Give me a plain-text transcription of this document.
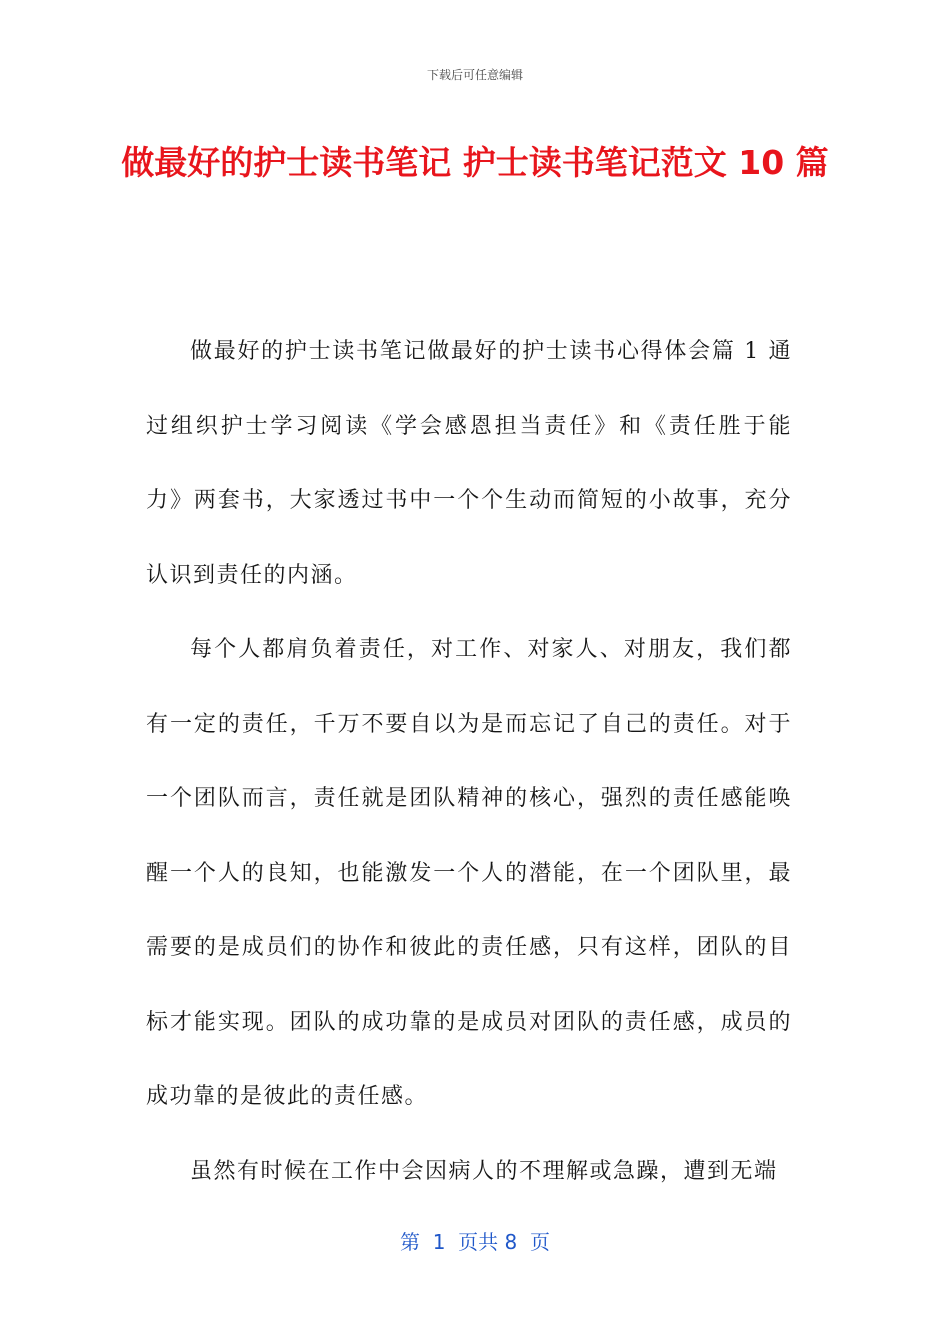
下载后可任意编辑
做最好的护士读书笔记 护士读书笔记范文 10 篇

做最好的护士读书笔记做最好的护士读书心得体会篇 1 通过组织护士学习阅读《学会感恩担当责任》和《责任胜于能力》两套书，大家透过书中一个个生动而简短的小故事，充分认识到责任的内涵。

每个人都肩负着责任，对工作、对家人、对朋友，我们都有一定的责任，千万不要自以为是而忘记了自己的责任。对于一个团队而言，责任就是团队精神的核心，强烈的责任感能唤醒一个人的良知，也能激发一个人的潜能，在一个团队里，最需要的是成员们的协作和彼此的责任感，只有这样，团队的目标才能实现。团队的成功靠的是成员对团队的责任感，成员的成功靠的是彼此的责任感。

虽然有时候在工作中会因病人的不理解或急躁，遭到无端

第  1  页共 8  页
